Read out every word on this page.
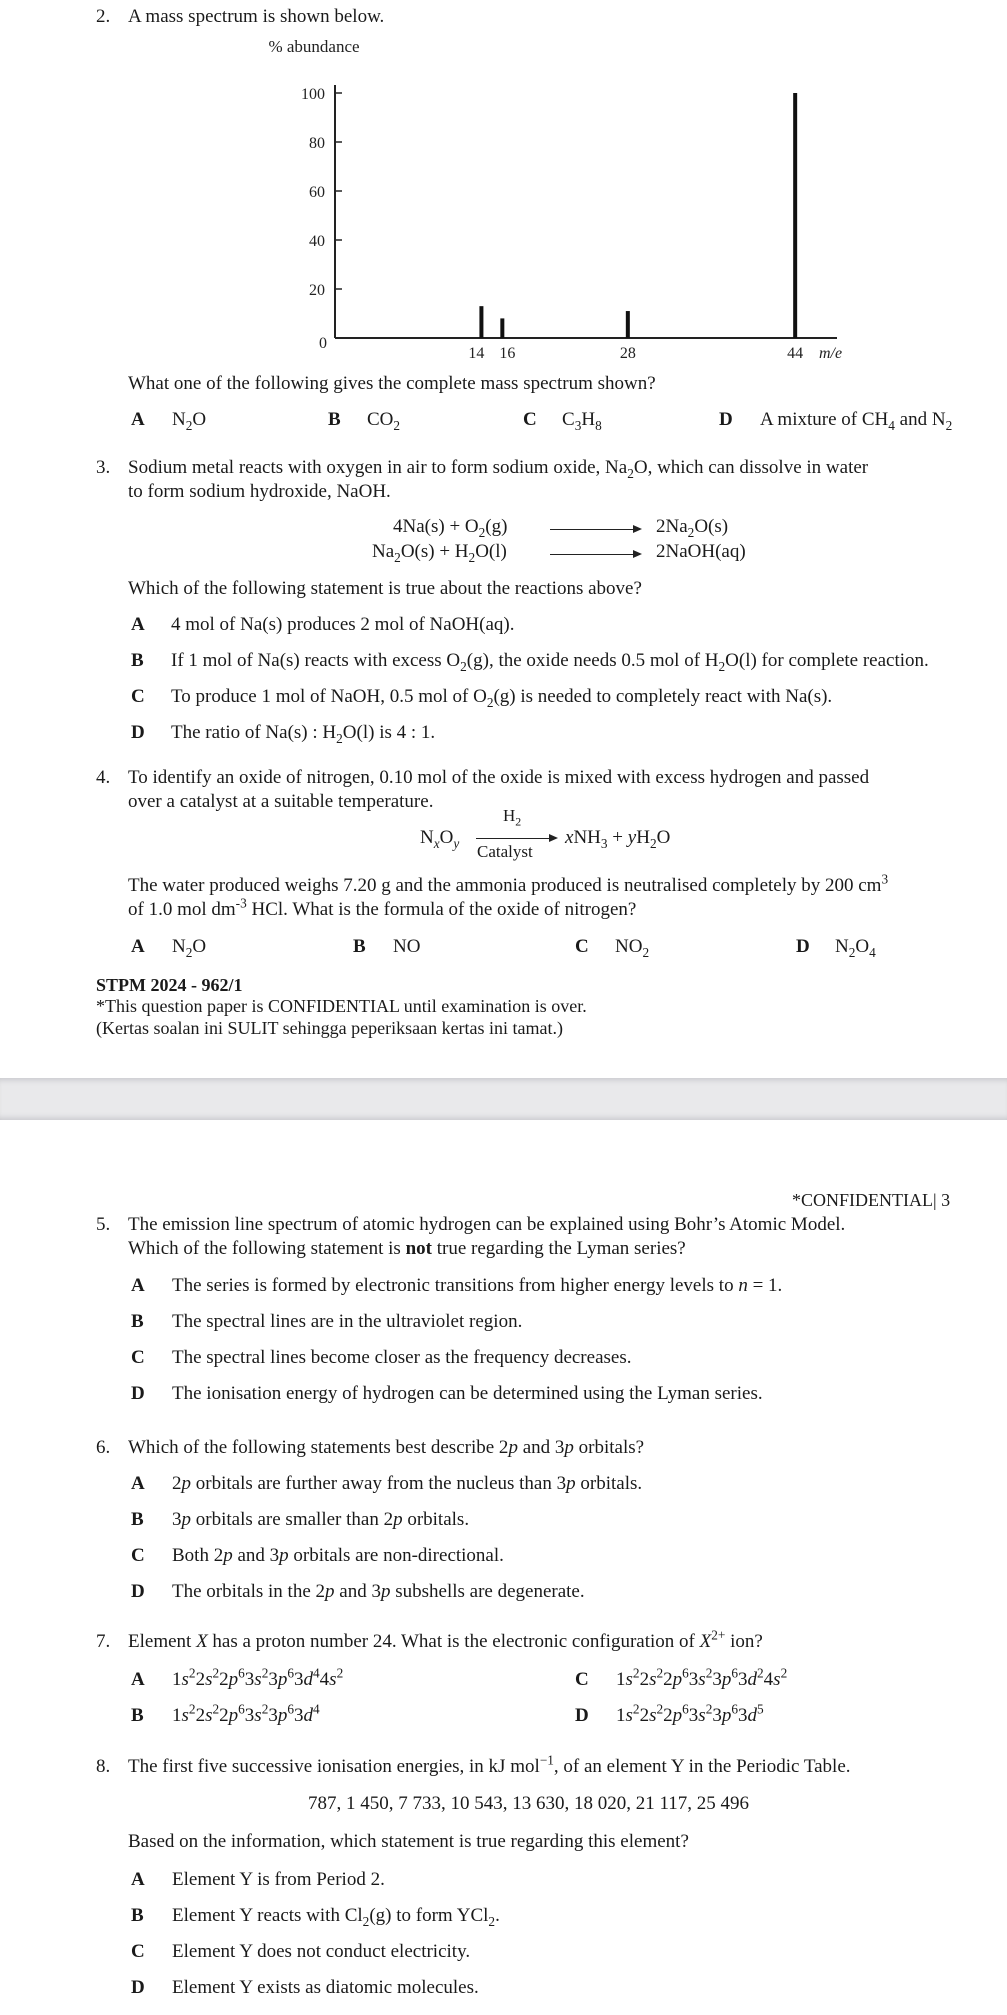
2. A mass spectrum is shown below.
% abundance
0
20
40
60
80
100
14 16	28	44 m/e
What one of the following gives the complete mass spectrum shown?
A $N_2O$	B $CO_2$	C $C_3H_8$	D A mixture of $CH_4$ and $N_2$
3. Sodium metal reacts with oxygen in air to form sodium oxide, $Na_2O$, which can dissolve in water
to form sodium hydroxide, NaOH.
$4Na(s) + O_2(g)$	$2Na_2O(s)$
$Na_2O(s) + H_2O(l)$	2NaOH(aq)
Which of the following statement is true about the reactions above?
A 4 mol of Na(s) produces 2 mol of NaOH(aq).
B If 1 mol of Na(s) reacts with excess $O_2(g)$, the oxide needs 0.5 mol of $H_2O(l)$ for complete reaction.
C To produce 1 mol of NaOH, 0.5 mol of $O_2(g)$ is needed to completely react with Na(s).
D The ratio of Na(s) : $H_2O(l)$ is 4 : 1.
4. To identify an oxide of nitrogen, 0.10 mol of the oxide is mixed with excess hydrogen and passed
over a catalyst at a suitable temperature.
$N_xO_y$
$H_2$
Catalyst
$xNH_3 + yH_2O$
The water produced weighs 7.20 g and the ammonia produced is neutralised completely by 200 $cm^3$
of 1.0 mol $dm^{-3}$ HCl. What is the formula of the oxide of nitrogen?
A $N_2O$	B NO	C $NO_2$	D $N_2O_4$
STPM 2024 - 962/1
*This question paper is CONFIDENTIAL until examination is over.
(Kertas soalan ini SULIT sehingga peperiksaan kertas ini tamat.)
*CONFIDENTIAL| 3
5. The emission line spectrum of atomic hydrogen can be explained using Bohr’s Atomic Model.
Which of the following statement is not true regarding the Lyman series?
A The series is formed by electronic transitions from higher energy levels to n = 1.
B The spectral lines are in the ultraviolet region.
C The spectral lines become closer as the frequency decreases.
D The ionisation energy of hydrogen can be determined using the Lyman series.
6. Which of the following statements best describe 2p and 3p orbitals?
A 2p orbitals are further away from the nucleus than 3p orbitals.
B 3p orbitals are smaller than 2p orbitals.
C Both 2p and 3p orbitals are non-directional.
D The orbitals in the 2p and 3p subshells are degenerate.
7. Element X has a proton number 24. What is the electronic configuration of $X^{2+}$ ion?
A $1s^22s^22p^63s^23p^63d^44s^2$	C $1s^22s^22p^63s^23p^63d^24s^2$
B $1s^22s^22p^63s^23p^63d^4$	D $1s^22s^22p^63s^23p^63d^5$
8. The first five successive ionisation energies, in kJ mol$^{-1}$, of an element Y in the Periodic Table.
787, 1 450, 7 733, 10 543, 13 630, 18 020, 21 117, 25 496
Based on the information, which statement is true regarding this element?
A Element Y is from Period 2.
B Element Y reacts with $Cl_2(g)$ to form YCl$_2$.
C Element Y does not conduct electricity.
D Element Y exists as diatomic molecules.
